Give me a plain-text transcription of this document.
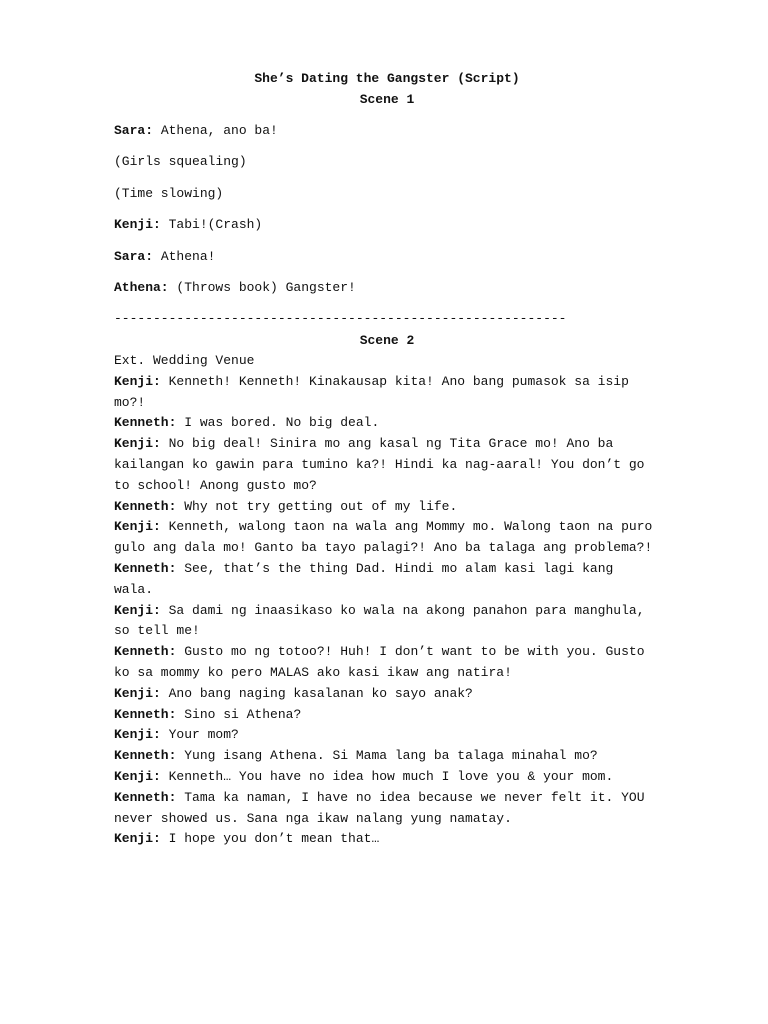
She’s Dating the Gangster (Script)
Scene 1
Sara: Athena, ano ba!
(Girls squealing)
(Time slowing)
Kenji: Tabi!(Crash)
Sara: Athena!
Athena: (Throws book) Gangster!
----------------------------------------------------------
Scene 2

Ext. Wedding Venue

Kenji: Kenneth! Kenneth! Kinakausap kita! Ano bang pumasok sa isip mo?!

Kenneth: I was bored. No big deal.

Kenji: No big deal! Sinira mo ang kasal ng Tita Grace mo! Ano ba kailangan ko gawin para tumino ka?! Hindi ka nag-aaral! You don’t go to school! Anong gusto mo?

Kenneth: Why not try getting out of my life.

Kenji: Kenneth, walong taon na wala ang Mommy mo. Walong taon na puro gulo ang dala mo! Ganto ba tayo palagi?! Ano ba talaga ang problema?!

Kenneth: See, that’s the thing Dad. Hindi mo alam kasi lagi kang wala.

Kenji: Sa dami ng inaasikaso ko wala na akong panahon para manghula, so tell me!

Kenneth: Gusto mo ng totoo?! Huh! I don’t want to be with you. Gusto ko sa mommy ko pero MALAS ako kasi ikaw ang natira!

Kenji: Ano bang naging kasalanan ko sayo anak?

Kenneth: Sino si Athena?

Kenji: Your mom?

Kenneth: Yung isang Athena. Si Mama lang ba talaga minahal mo?

Kenji: Kenneth… You have no idea how much I love you & your mom.

Kenneth: Tama ka naman, I have no idea because we never felt it. YOU never showed us. Sana nga ikaw nalang yung namatay.

Kenji: I hope you don’t mean that…
